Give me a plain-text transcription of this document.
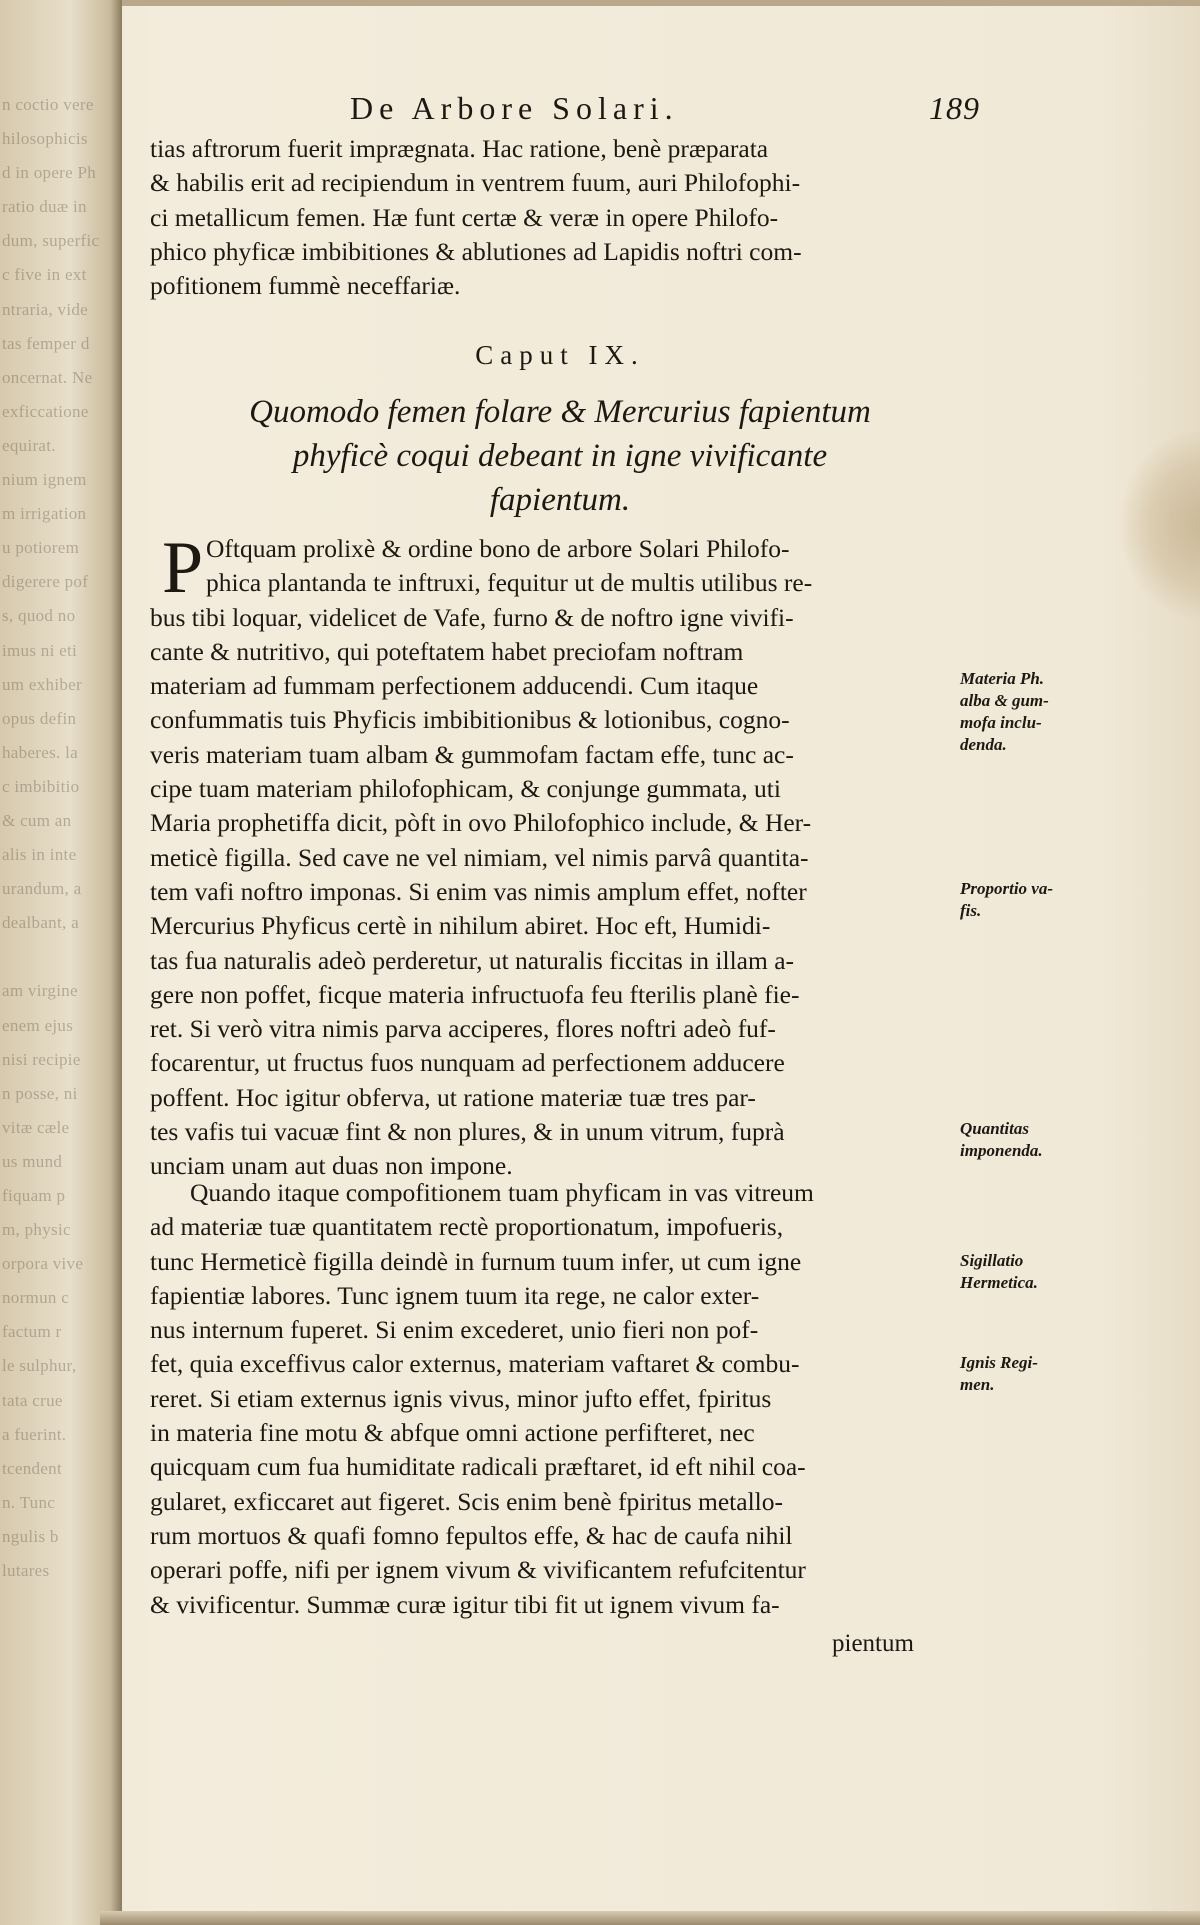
n coctio vere
hilosophicis
d in opere Ph
ratio duæ in
dum, superfic
c five in ext
ntraria, vide
tas femper d
oncernat. Ne
exficcatione
equirat.
nium ignem
m irrigation
u potiorem
digerere pof
s, quod no
imus ni eti
um exhiber
opus defin
haberes. la
c imbibitio
& cum an
alis in inte
urandum, a
dealbant, a
am virgine
enem ejus
nisi recipie
n posse, ni
vitæ cæle
us mund
fiquam p
m, physic
orpora vive
normun c
factum r
le sulphur,
tata crue
a fuerint.
tcendent
n. Tunc
ngulis b
lutares
De Arbore Solari.	189
tias aftrorum fuerit imprægnata. Hac ratione, benè præparata
& habilis erit ad recipiendum in ventrem fuum, auri Philofophi-
ci metallicum femen. Hæ funt certæ & veræ in opere Philofo-
phico phyficæ imbibitiones & ablutiones ad Lapidis noftri com-
pofitionem fummè neceffariæ.
Caput IX.
Quomodo femen folare & Mercurius fapientum
phyficè coqui debeant in igne vivificante
fapientum.
P Oftquam prolixè & ordine bono de arbore Solari Philofo-
phica plantanda te inftruxi, fequitur ut de multis utilibus re-
bus tibi loquar, videlicet de Vafe, furno & de noftro igne vivifi-
cante & nutritivo, qui poteftatem habet preciofam noftram
materiam ad fummam perfectionem adducendi. Cum itaque
confummatis tuis Phyficis imbibitionibus & lotionibus, cogno-
veris materiam tuam albam & gummofam factam effe, tunc ac-
cipe tuam materiam philofophicam, & conjunge gummata, uti
Maria prophetiffa dicit, pòft in ovo Philofophico include, & Her-
meticè figilla. Sed cave ne vel nimiam, vel nimis parvâ quantita-
tem vafi noftro imponas. Si enim vas nimis amplum effet, nofter
Mercurius Phyficus certè in nihilum abiret. Hoc eft, Humidi-
tas fua naturalis adeò perderetur, ut naturalis ficcitas in illam a-
gere non poffet, ficque materia infructuofa feu fterilis planè fie-
ret. Si verò vitra nimis parva acciperes, flores noftri adeò fuf-
focarentur, ut fructus fuos nunquam ad perfectionem adducere
poffent. Hoc igitur obferva, ut ratione materiæ tuæ tres par-
tes vafis tui vacuæ fint & non plures, & in unum vitrum, fuprà
unciam unam aut duas non impone.
Quando itaque compofitionem tuam phyficam in vas vitreum
ad materiæ tuæ quantitatem rectè proportionatum, impofueris,
tunc Hermeticè figilla deindè in furnum tuum infer, ut cum igne
fapientiæ labores. Tunc ignem tuum ita rege, ne calor exter-
nus internum fuperet. Si enim excederet, unio fieri non pof-
fet, quia exceffivus calor externus, materiam vaftaret & combu-
reret. Si etiam externus ignis vivus, minor jufto effet, fpiritus
in materia fine motu & abfque omni actione perfifteret, nec
quicquam cum fua humiditate radicali præftaret, id eft nihil coa-
gularet, exficcaret aut figeret. Scis enim benè fpiritus metallo-
rum mortuos & quafi fomno fepultos effe, & hac de caufa nihil
operari poffe, nifi per ignem vivum & vivificantem refufcitentur
& vivificentur. Summæ curæ igitur tibi fit ut ignem vivum fa-
pientum
Materia Ph.
alba & gum-
mofa inclu-
denda.
Proportio va-
fis.
Quantitas
imponenda.
Sigillatio
Hermetica.
Ignis Regi-
men.
